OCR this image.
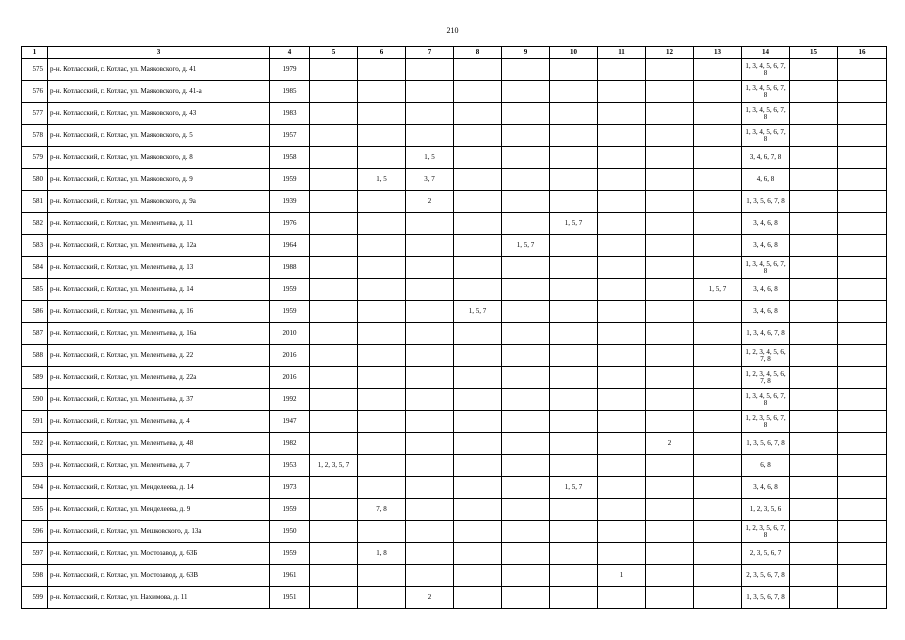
210
1	3	4	5	6	7	8	9	10	11	12	13	14	15	16
575	р-н. Котласский, г. Котлас, ул. Маяковского, д. 41	1979										1, 3, 4, 5, 6, 7, 8		
576	р-н. Котласский, г. Котлас, ул. Маяковского, д. 41-а	1985										1, 3, 4, 5, 6, 7, 8		
577	р-н. Котласский, г. Котлас, ул. Маяковского, д. 43	1983										1, 3, 4, 5, 6, 7, 8		
578	р-н. Котласский, г. Котлас, ул. Маяковского, д. 5	1957										1, 3, 4, 5, 6, 7, 8		
579	р-н. Котласский, г. Котлас, ул. Маяковского, д. 8	1958			1, 5							3, 4, 6, 7, 8		
580	р-н. Котласский, г. Котлас, ул. Маяковского, д. 9	1959		1, 5	3, 7							4, 6, 8		
581	р-н. Котласский, г. Котлас, ул. Маяковского, д. 9а	1939			2							1, 3, 5, 6, 7, 8		
582	р-н. Котласский, г. Котлас, ул. Мелентьева, д. 11	1976						1, 5, 7				3, 4, 6, 8		
583	р-н. Котласский, г. Котлас, ул. Мелентьева, д. 12а	1964					1, 5, 7					3, 4, 6, 8		
584	р-н. Котласский, г. Котлас, ул. Мелентьева, д. 13	1988										1, 3, 4, 5, 6, 7, 8		
585	р-н. Котласский, г. Котлас, ул. Мелентьева, д. 14	1959									1, 5, 7	3, 4, 6, 8		
586	р-н. Котласский, г. Котлас, ул. Мелентьева, д. 16	1959				1, 5, 7						3, 4, 6, 8		
587	р-н. Котласский, г. Котлас, ул. Мелентьева, д. 16а	2010										1, 3, 4, 6, 7, 8		
588	р-н. Котласский, г. Котлас, ул. Мелентьева, д. 22	2016										1, 2, 3, 4, 5, 6, 7, 8		
589	р-н. Котласский, г. Котлас, ул. Мелентьева, д. 22а	2016										1, 2, 3, 4, 5, 6, 7, 8		
590	р-н. Котласский, г. Котлас, ул. Мелентьева, д. 37	1992										1, 3, 4, 5, 6, 7, 8		
591	р-н. Котласский, г. Котлас, ул. Мелентьева, д. 4	1947										1, 2, 3, 5, 6, 7, 8		
592	р-н. Котласский, г. Котлас, ул. Мелентьева, д. 48	1982								2		1, 3, 5, 6, 7, 8		
593	р-н. Котласский, г. Котлас, ул. Мелентьева, д. 7	1953	1, 2, 3, 5, 7									6, 8		
594	р-н. Котласский, г. Котлас, ул. Менделеева, д. 14	1973						1, 5, 7				3, 4, 6, 8		
595	р-н. Котласский, г. Котлас, ул. Менделеева, д. 9	1959		7, 8								1, 2, 3, 5, 6		
596	р-н. Котласский, г. Котлас, ул. Мешковского, д. 13а	1950										1, 2, 3, 5, 6, 7, 8		
597	р-н. Котласский, г. Котлас, ул. Мостозавод, д. 63Б	1959		1, 8								2, 3, 5, 6, 7		
598	р-н. Котласский, г. Котлас, ул. Мостозавод, д. 63В	1961							1			2, 3, 5, 6, 7, 8		
599	р-н. Котласский, г. Котлас, ул. Нахимова, д. 11	1951			2							1, 3, 5, 6, 7, 8		
